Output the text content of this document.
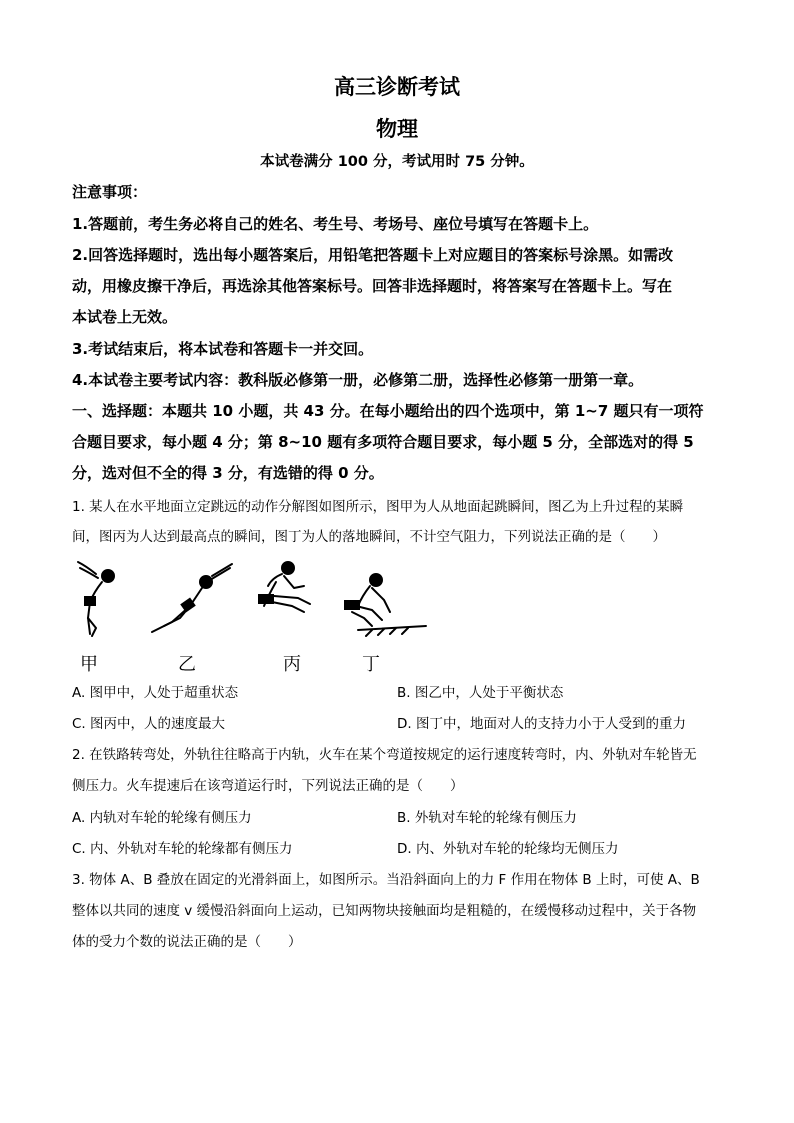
高三诊断考试
物理
本试卷满分 100 分，考试用时 75 分钟。
注意事项：
1.答题前，考生务必将自己的姓名、考生号、考场号、座位号填写在答题卡上。
2.回答选择题时，选出每小题答案后，用铅笔把答题卡上对应题目的答案标号涂黑。如需改
动，用橡皮擦干净后，再选涂其他答案标号。回答非选择题时，将答案写在答题卡上。写在
本试卷上无效。
3.考试结束后，将本试卷和答题卡一并交回。
4.本试卷主要考试内容：教科版必修第一册，必修第二册，选择性必修第一册第一章。
一、选择题：本题共 10 小题，共 43 分。在每小题给出的四个选项中，第 1~7 题只有一项符
合题目要求，每小题 4 分；第 8~10 题有多项符合题目要求，每小题 5 分，全部选对的得 5
分，选对但不全的得 3 分，有选错的得 0 分。
1. 某人在水平地面立定跳远的动作分解图如图所示，图甲为人从地面起跳瞬间，图乙为上升过程的某瞬
间，图丙为人达到最高点的瞬间，图丁为人的落地瞬间，不计空气阻力，下列说法正确的是（　　）
甲	乙	丙	丁
A. 图甲中，人处于超重状态	B. 图乙中，人处于平衡状态
C. 图丙中，人的速度最大	D. 图丁中，地面对人的支持力小于人受到的重力
2. 在铁路转弯处，外轨往往略高于内轨，火车在某个弯道按规定的运行速度转弯时，内、外轨对车轮皆无
侧压力。火车提速后在该弯道运行时，下列说法正确的是（　　）
A. 内轨对车轮的轮缘有侧压力	B. 外轨对车轮的轮缘有侧压力
C. 内、外轨对车轮的轮缘都有侧压力	D. 内、外轨对车轮的轮缘均无侧压力
3. 物体 A、B 叠放在固定的光滑斜面上，如图所示。当沿斜面向上的力 F 作用在物体 B 上时，可使 A、B
整体以共同的速度 v 缓慢沿斜面向上运动，已知两物块接触面均是粗糙的，在缓慢移动过程中，关于各物
体的受力个数的说法正确的是（　　）
